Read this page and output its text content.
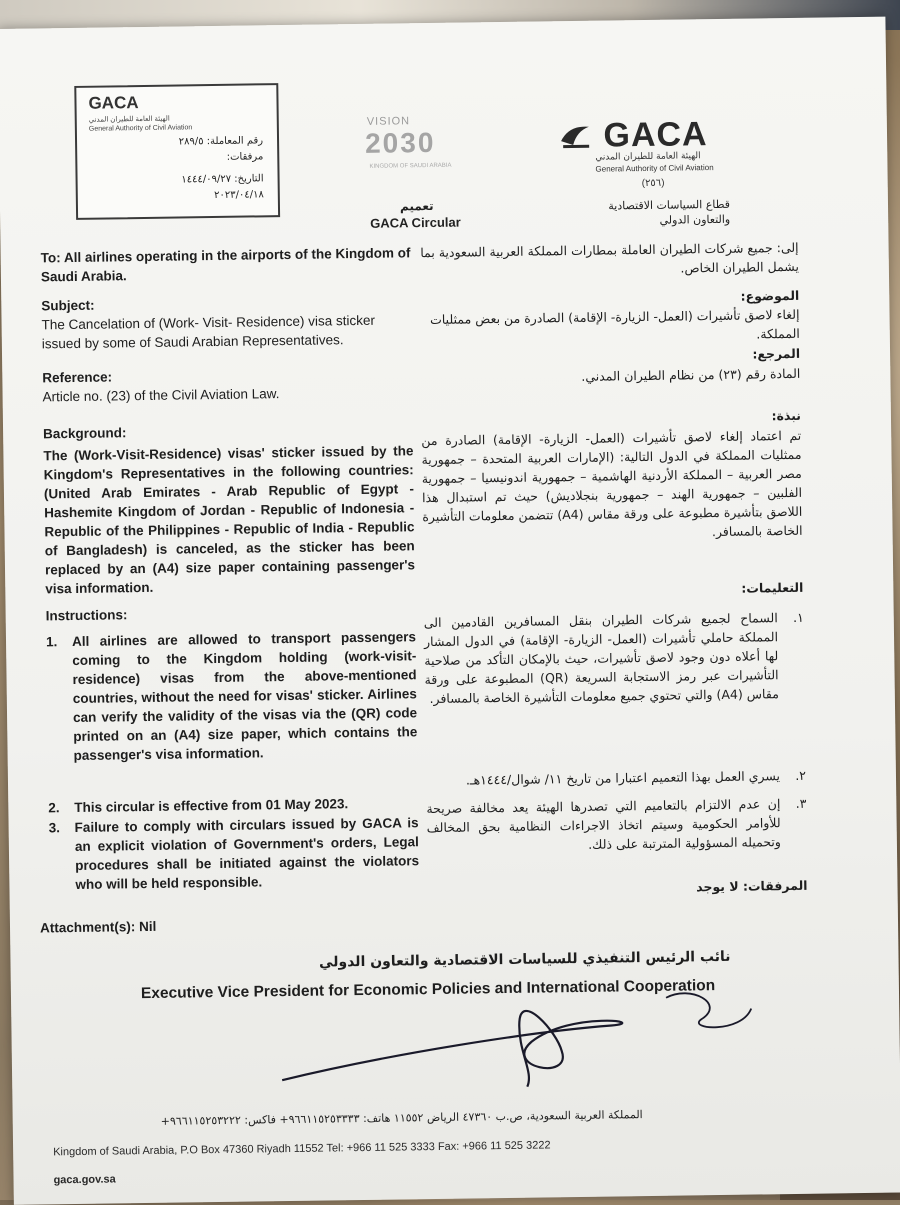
GACA
الهيئة العامة للطيران المدني
General Authority of Civil Aviation
رقم المعاملة: ٢٨٩/٥
مرفقات:
التاريخ: ١٤٤٤/٠٩/٢٧
٢٠٢٣/٠٤/١٨
VISION
2030
KINGDOM OF SAUDI ARABIA
GACA
الهيئة العامة للطيران المدني
General Authority of Civil Aviation
(٢٥٦)
قطاع السياسات الاقتصادية والتعاون الدولي
تعميم
GACA Circular
To: All airlines operating in the airports of the Kingdom of Saudi Arabia.
Subject:
The Cancelation of (Work- Visit- Residence) visa sticker issued by some of Saudi Arabian Representatives.
Reference:
Article no. (23) of the Civil Aviation Law.
Background:
The (Work-Visit-Residence) visas' sticker issued by the Kingdom's Representatives in the following countries: (United Arab Emirates - Arab Republic of Egypt - Hashemite Kingdom of Jordan - Republic of Indonesia - Republic of the Philippines - Republic of India - Republic of Bangladesh) is canceled, as the sticker has been replaced by an (A4) size paper containing passenger's visa information.
Instructions:
1. All airlines are allowed to transport passengers coming to the Kingdom holding (work-visit-residence) visas from the above-mentioned countries, without the need for visas' sticker. Airlines can verify the validity of the visas via the (QR) code printed on an (A4) size paper, which contains the passenger's visa information.
2. This circular is effective from 01 May 2023.
3. Failure to comply with circulars issued by GACA is an explicit violation of Government's orders, Legal procedures shall be initiated against the violators who will be held responsible.
Attachment(s): Nil
إلى: جميع شركات الطيران العاملة بمطارات المملكة العربية السعودية بما يشمل الطيران الخاص.
الموضوع:
إلغاء لاصق تأشيرات (العمل- الزيارة- الإقامة) الصادرة من بعض ممثليات المملكة.
المرجع:
المادة رقم (٢٣) من نظام الطيران المدني.
نبذة:
تم اعتماد إلغاء لاصق تأشيرات (العمل- الزيارة- الإقامة) الصادرة من ممثليات المملكة في الدول التالية: (الإمارات العربية المتحدة – جمهورية مصر العربية – المملكة الأردنية الهاشمية – جمهورية اندونيسيا – جمهورية الفلبين – جمهورية الهند – جمهورية بنجلاديش) حيث تم استبدال هذا اللاصق بتأشيرة مطبوعة على ورقة مقاس (A4) تتضمن معلومات التأشيرة الخاصة بالمسافر.
التعليمات:
١.
السماح لجميع شركات الطيران بنقل المسافرين القادمين الى المملكة حاملي تأشيرات (العمل- الزيارة- الإقامة) في الدول المشار لها أعلاه دون وجود لاصق تأشيرات، حيث بالإمكان التأكد من صلاحية التأشيرات عبر رمز الاستجابة السريعة (QR) المطبوعة على ورقة مقاس (A4) والتي تحتوي جميع معلومات التأشيرة الخاصة بالمسافر.
٢.
يسري العمل بهذا التعميم اعتبارا من تاريخ ١١/ شوال/١٤٤٤هـ.
٣.
إن عدم الالتزام بالتعاميم التي تصدرها الهيئة يعد مخالفة صريحة للأوامر الحكومية وسيتم اتخاذ الاجراءات النظامية بحق المخالف وتحميله المسؤولية المترتبة على ذلك.
المرفقات: لا يوجد
نائب الرئيس التنفيذي للسياسات الاقتصادية والتعاون الدولي
Executive Vice President for Economic Policies and International Cooperation
المملكة العربية السعودية، ص.ب ٤٧٣٦٠ الرياض ١١٥٥٢ هاتف: ٩٦٦١١٥٢٥٣٣٣٣+ فاكس: ٩٦٦١١٥٢٥٣٢٢٢+
Kingdom of Saudi Arabia, P.O Box 47360 Riyadh 11552 Tel: +966 11 525 3333 Fax: +966 11 525 3222
gaca.gov.sa
